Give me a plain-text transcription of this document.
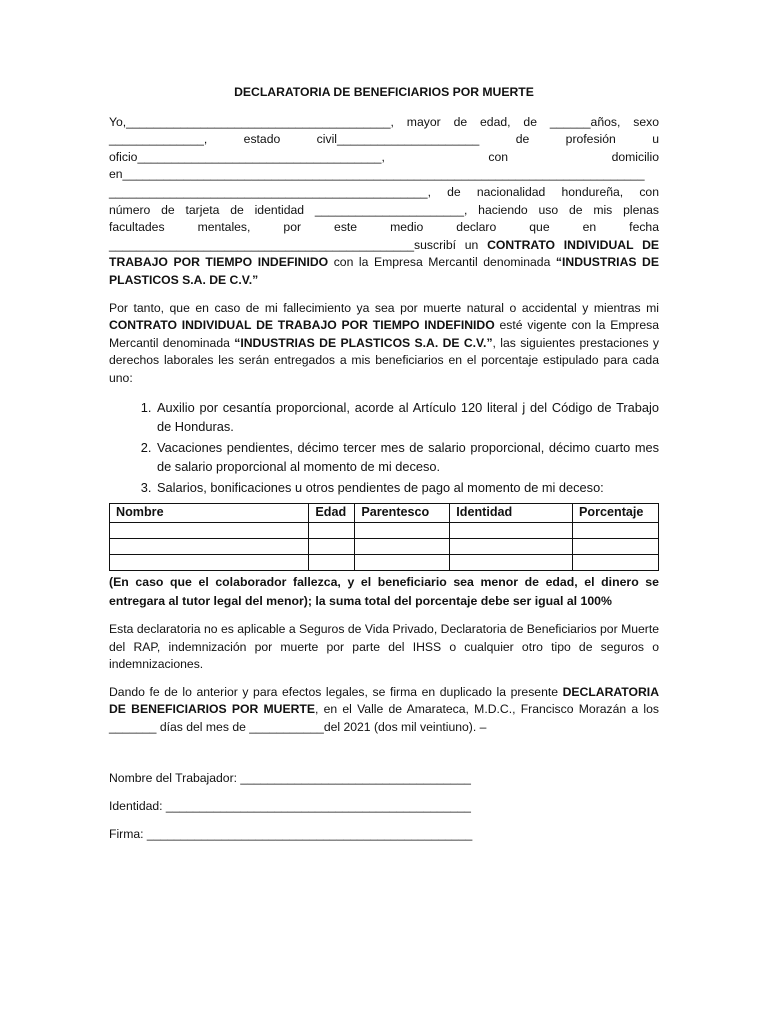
DECLARATORIA DE BENEFICIARIOS POR MUERTE

Yo,_______________________________________, mayor de edad, de ______años, sexo
______________, estado civil_____________________ de profesión u
oficio____________________________________, con domicilio
en_____________________________________________________________________________
_______________________________________________, de nacionalidad hondureña, con
número de tarjeta de identidad ______________________, haciendo uso de mis plenas
facultades mentales, por este medio declaro que en fecha
_____________________________________________suscribí un CONTRATO INDIVIDUAL DE
TRABAJO POR TIEMPO INDEFINIDO con la Empresa Mercantil denominada “INDUSTRIAS DE
PLASTICOS S.A. DE C.V.”

Por tanto, que en caso de mi fallecimiento ya sea por muerte natural o accidental y mientras mi CONTRATO INDIVIDUAL DE TRABAJO POR TIEMPO INDEFINIDO esté vigente con la Empresa Mercantil denominada “INDUSTRIAS DE PLASTICOS S.A. DE C.V.”, las siguientes prestaciones y derechos laborales les serán entregados a mis beneficiarios en el porcentaje estipulado para cada uno:

1. Auxilio por cesantía proporcional, acorde al Artículo 120 literal j del Código de Trabajo de Honduras.
2. Vacaciones pendientes, décimo tercer mes de salario proporcional, décimo cuarto mes de salario proporcional al momento de mi deceso.
3. Salarios, bonificaciones u otros pendientes de pago al momento de mi deceso:
Nombre	Edad	Parentesco	Identidad	Porcentaje

(En caso que el colaborador fallezca, y el beneficiario sea menor de edad, el dinero se entregara al tutor legal del menor); la suma total del porcentaje debe ser igual al 100%

Esta declaratoria no es aplicable a Seguros de Vida Privado, Declaratoria de Beneficiarios por Muerte del RAP, indemnización por muerte por parte del IHSS o cualquier otro tipo de seguros o indemnizaciones.

Dando fe de lo anterior y para efectos legales, se firma en duplicado la presente DECLARATORIA DE BENEFICIARIOS POR MUERTE, en el Valle de Amarateca, M.D.C., Francisco Morazán a los _______ días del mes de ___________del 2021 (dos mil veintiuno). –

Nombre del Trabajador: __________________________________
Identidad: _____________________________________________
Firma: ________________________________________________
